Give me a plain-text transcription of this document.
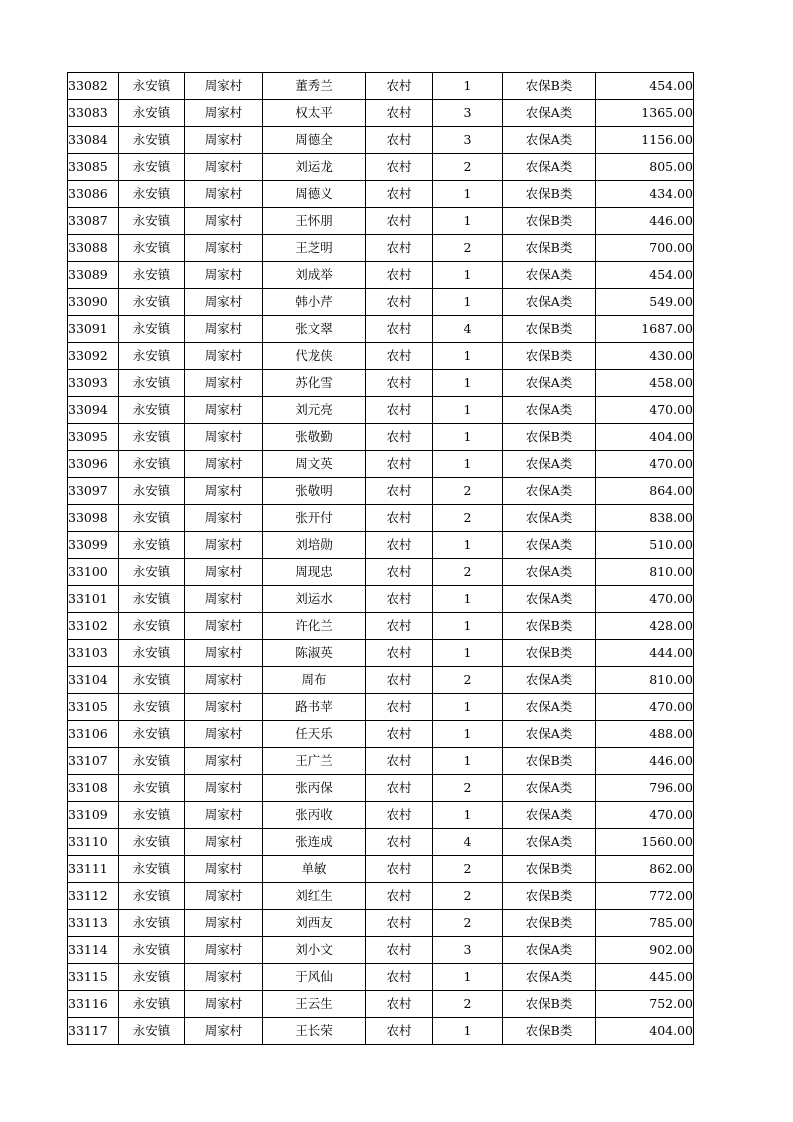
33082	永安镇	周家村	董秀兰	农村	1	农保B类	454.00
33083	永安镇	周家村	权太平	农村	3	农保A类	1365.00
33084	永安镇	周家村	周德全	农村	3	农保A类	1156.00
33085	永安镇	周家村	刘运龙	农村	2	农保A类	805.00
33086	永安镇	周家村	周德义	农村	1	农保B类	434.00
33087	永安镇	周家村	王怀朋	农村	1	农保B类	446.00
33088	永安镇	周家村	王芝明	农村	2	农保B类	700.00
33089	永安镇	周家村	刘成举	农村	1	农保A类	454.00
33090	永安镇	周家村	韩小芹	农村	1	农保A类	549.00
33091	永安镇	周家村	张文翠	农村	4	农保B类	1687.00
33092	永安镇	周家村	代龙侠	农村	1	农保B类	430.00
33093	永安镇	周家村	苏化雪	农村	1	农保A类	458.00
33094	永安镇	周家村	刘元亮	农村	1	农保A类	470.00
33095	永安镇	周家村	张敬勤	农村	1	农保B类	404.00
33096	永安镇	周家村	周文英	农村	1	农保A类	470.00
33097	永安镇	周家村	张敬明	农村	2	农保A类	864.00
33098	永安镇	周家村	张开付	农村	2	农保A类	838.00
33099	永安镇	周家村	刘培勋	农村	1	农保A类	510.00
33100	永安镇	周家村	周现忠	农村	2	农保A类	810.00
33101	永安镇	周家村	刘运水	农村	1	农保A类	470.00
33102	永安镇	周家村	许化兰	农村	1	农保B类	428.00
33103	永安镇	周家村	陈淑英	农村	1	农保B类	444.00
33104	永安镇	周家村	周布	农村	2	农保A类	810.00
33105	永安镇	周家村	路书苹	农村	1	农保A类	470.00
33106	永安镇	周家村	任天乐	农村	1	农保A类	488.00
33107	永安镇	周家村	王广兰	农村	1	农保B类	446.00
33108	永安镇	周家村	张丙保	农村	2	农保A类	796.00
33109	永安镇	周家村	张丙收	农村	1	农保A类	470.00
33110	永安镇	周家村	张连成	农村	4	农保A类	1560.00
33111	永安镇	周家村	单敏	农村	2	农保B类	862.00
33112	永安镇	周家村	刘红生	农村	2	农保B类	772.00
33113	永安镇	周家村	刘西友	农村	2	农保B类	785.00
33114	永安镇	周家村	刘小文	农村	3	农保A类	902.00
33115	永安镇	周家村	于风仙	农村	1	农保A类	445.00
33116	永安镇	周家村	王云生	农村	2	农保B类	752.00
33117	永安镇	周家村	王长荣	农村	1	农保B类	404.00
